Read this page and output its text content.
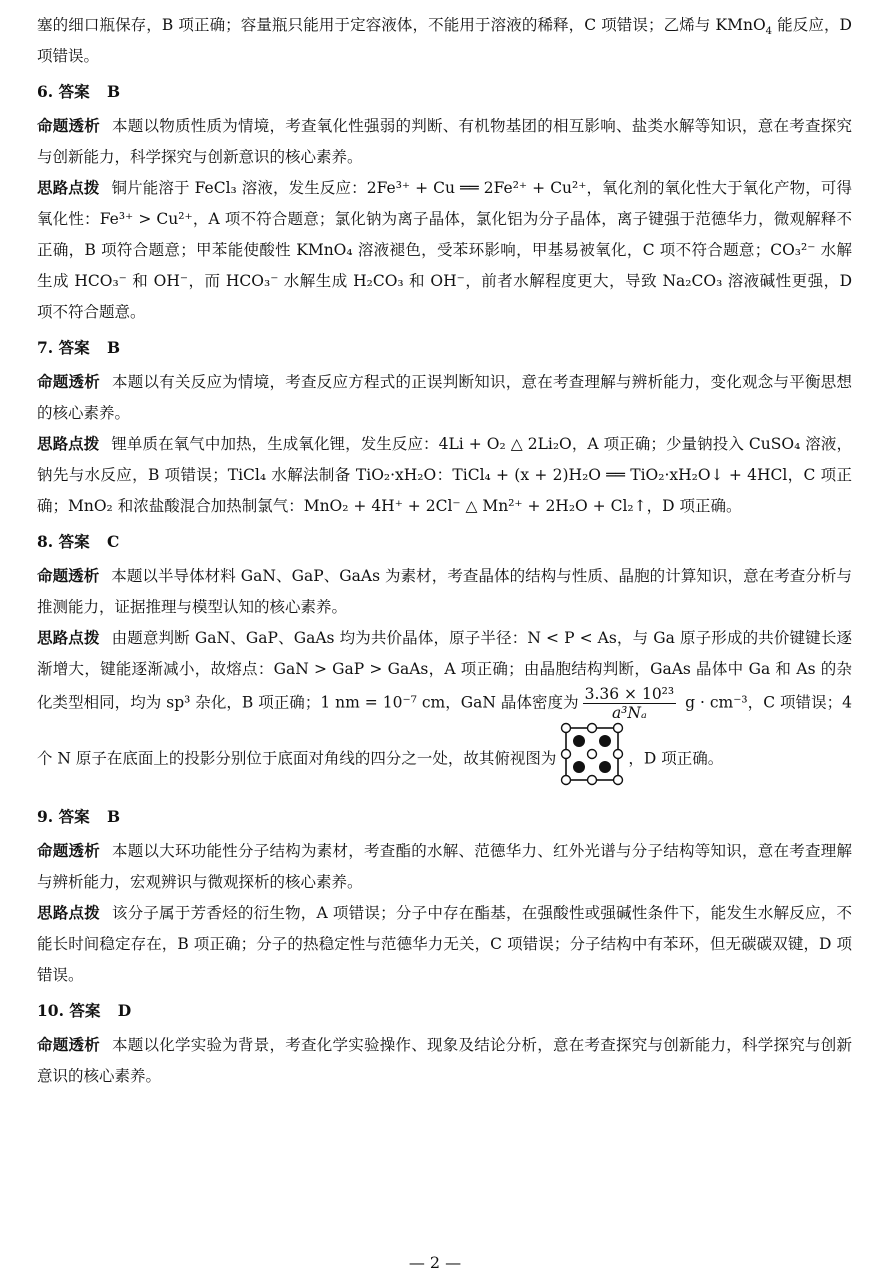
塞的细口瓶保存，B 项正确；容量瓶只能用于定容液体，不能用于溶液的稀释，C 项错误；乙烯与 KMnO$_4$ 能反应，D 项错误。

6. 答案 B

命题透析 本题以物质性质为情境，考查氧化性强弱的判断、有机物基团的相互影响、盐类水解等知识，意在考查探究与创新能力，科学探究与创新意识的核心素养。

思路点拨 铜片能溶于 FeCl₃ 溶液，发生反应：2Fe³⁺ + Cu ══ 2Fe²⁺ + Cu²⁺，氧化剂的氧化性大于氧化产物，可得氧化性：Fe³⁺ > Cu²⁺，A 项不符合题意；氯化钠为离子晶体，氯化铝为分子晶体，离子键强于范德华力，微观解释不正确，B 项符合题意；甲苯能使酸性 KMnO₄ 溶液褪色，受苯环影响，甲基易被氧化，C 项不符合题意；CO₃²⁻ 水解生成 HCO₃⁻ 和 OH⁻，而 HCO₃⁻ 水解生成 H₂CO₃ 和 OH⁻，前者水解程度更大，导致 Na₂CO₃ 溶液碱性更强，D 项不符合题意。

7. 答案 B

命题透析 本题以有关反应为情境，考查反应方程式的正误判断知识，意在考查理解与辨析能力，变化观念与平衡思想的核心素养。

思路点拨 锂单质在氧气中加热，生成氧化锂，发生反应：4Li + O₂ △ 2Li₂O，A 项正确；少量钠投入 CuSO₄ 溶液，钠先与水反应，B 项错误；TiCl₄ 水解法制备 TiO₂·xH₂O：TiCl₄ + (x + 2)H₂O ══ TiO₂·xH₂O↓ + 4HCl，C 项正确；MnO₂ 和浓盐酸混合加热制氯气：MnO₂ + 4H⁺ + 2Cl⁻ △ Mn²⁺ + 2H₂O + Cl₂↑，D 项正确。

8. 答案 C

命题透析 本题以半导体材料 GaN、GaP、GaAs 为素材，考查晶体的结构与性质、晶胞的计算知识，意在考查分析与推测能力，证据推理与模型认知的核心素养。

思路点拨 由题意判断 GaN、GaP、GaAs 均为共价晶体，原子半径：N < P < As，与 Ga 原子形成的共价键键长逐渐增大，键能逐渐减小，故熔点：GaN > GaP > GaAs，A 项正确；由晶胞结构判断，GaAs 晶体中 Ga 和 As 的杂化类型相同，均为 sp³ 杂化，B 项正确；1 nm = 10⁻⁷ cm，GaN 晶体密度为 $\frac{\text{3.36 × 10²³}}{\text{a³Nₐ}}$ g · cm⁻³，C 项错误；4 个 N 原子在底面上的投影分别位于底面对角线的四分之一处，故其俯视图为	，D 项正确。

9. 答案 B

命题透析 本题以大环功能性分子结构为素材，考查酯的水解、范德华力、红外光谱与分子结构等知识，意在考查理解与辨析能力，宏观辨识与微观探析的核心素养。

思路点拨 该分子属于芳香烃的衍生物，A 项错误；分子中存在酯基，在强酸性或强碱性条件下，能发生水解反应，不能长时间稳定存在，B 项正确；分子的热稳定性与范德华力无关，C 项错误；分子结构中有苯环，但无碳碳双键，D 项错误。

10. 答案 D

命题透析 本题以化学实验为背景，考查化学实验操作、现象及结论分析，意在考查探究与创新能力，科学探究与创新意识的核心素养。

— 2 —
